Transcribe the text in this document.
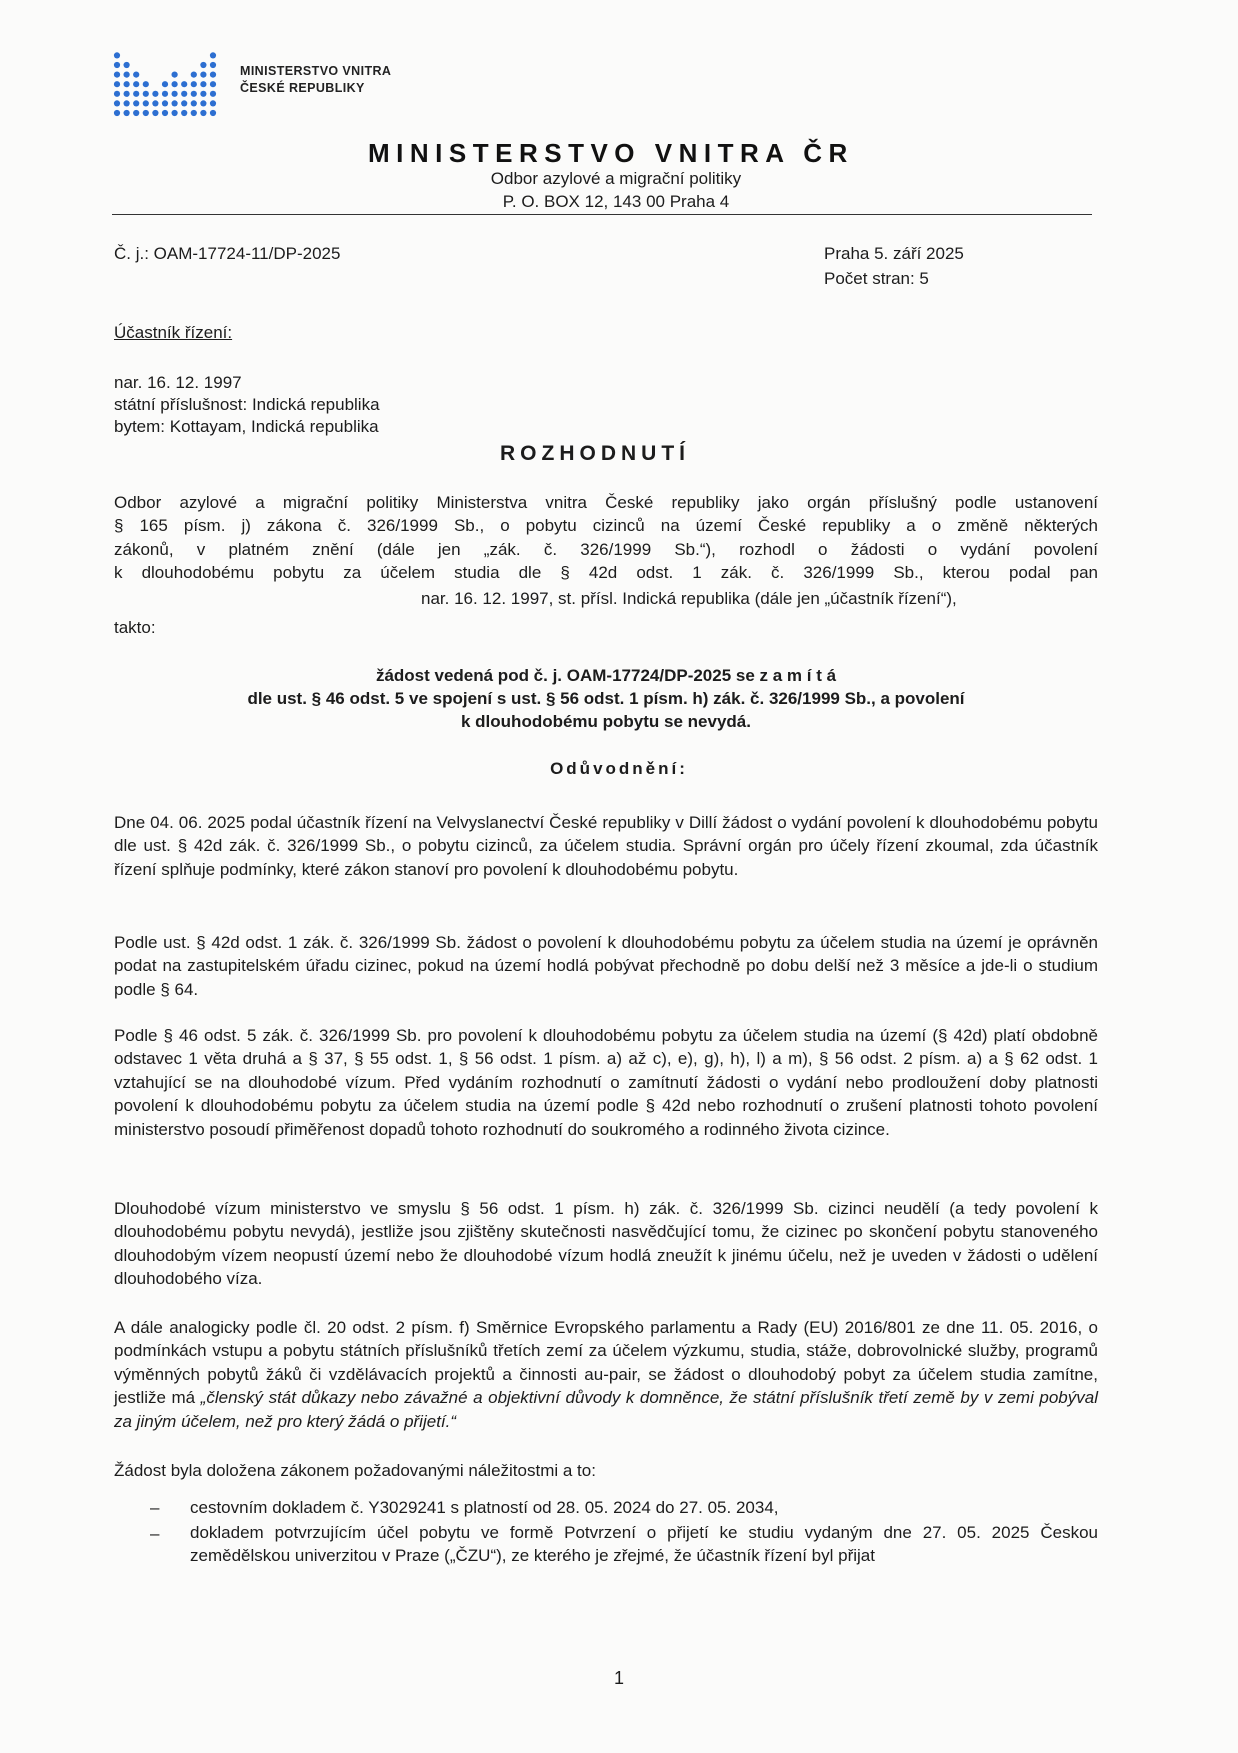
MINISTERSTVO VNITRA
ČESKÉ REPUBLIKY
MINISTERSTVO VNITRA ČR
Odbor azylové a migrační politiky
P. O. BOX 12, 143 00 Praha 4
Č. j.: OAM-17724-11/DP-2025	Praha 5. září 2025
Počet stran: 5
Účastník řízení:
nar. 16. 12. 1997
státní příslušnost: Indická republika
bytem: Kottayam, Indická republika
ROZHODNUTÍ
Odbor azylové a migrační politiky Ministerstva vnitra České republiky jako orgán příslušný podle ustanovení
§ 165 písm. j) zákona č. 326/1999 Sb., o pobytu cizinců na území České republiky a o změně některých
zákonů, v platném znění (dále jen „zák. č. 326/1999 Sb.“), rozhodl o žádosti o vydání povolení
k dlouhodobému pobytu za účelem studia dle § 42d odst. 1 zák. č. 326/1999 Sb., kterou podal pan
nar. 16. 12. 1997, st. přísl. Indická republika (dále jen „účastník řízení“),
takto:
žádost vedená pod č. j. OAM-17724/DP-2025 se z a m í t á
dle ust. § 46 odst. 5 ve spojení s ust. § 56 odst. 1 písm. h) zák. č. 326/1999 Sb., a povolení
k dlouhodobému pobytu se nevydá.
Odůvodnění:
Dne 04. 06. 2025 podal účastník řízení na Velvyslanectví České republiky v Dillí žádost o vydání povolení k dlouhodobému pobytu dle ust. § 42d zák. č. 326/1999 Sb., o pobytu cizinců, za účelem studia. Správní orgán pro účely řízení zkoumal, zda účastník řízení splňuje podmínky, které zákon stanoví pro povolení k dlouhodobému pobytu.
Podle ust. § 42d odst. 1 zák. č. 326/1999 Sb. žádost o povolení k dlouhodobému pobytu za účelem studia na území je oprávněn podat na zastupitelském úřadu cizinec, pokud na území hodlá pobývat přechodně po dobu delší než 3 měsíce a jde-li o studium podle § 64.
Podle § 46 odst. 5 zák. č. 326/1999 Sb. pro povolení k dlouhodobému pobytu za účelem studia na území (§ 42d) platí obdobně odstavec 1 věta druhá a § 37, § 55 odst. 1, § 56 odst. 1 písm. a) až c), e), g), h), l) a m), § 56 odst. 2 písm. a) a § 62 odst. 1 vztahující se na dlouhodobé vízum. Před vydáním rozhodnutí o zamítnutí žádosti o vydání nebo prodloužení doby platnosti povolení k dlouhodobému pobytu za účelem studia na území podle § 42d nebo rozhodnutí o zrušení platnosti tohoto povolení ministerstvo posoudí přiměřenost dopadů tohoto rozhodnutí do soukromého a rodinného života cizince.
Dlouhodobé vízum ministerstvo ve smyslu § 56 odst. 1 písm. h) zák. č. 326/1999 Sb. cizinci neudělí (a tedy povolení k dlouhodobému pobytu nevydá), jestliže jsou zjištěny skutečnosti nasvědčující tomu, že cizinec po skončení pobytu stanoveného dlouhodobým vízem neopustí území nebo že dlouhodobé vízum hodlá zneužít k jinému účelu, než je uveden v žádosti o udělení dlouhodobého víza.
A dále analogicky podle čl. 20 odst. 2 písm. f) Směrnice Evropského parlamentu a Rady (EU) 2016/801 ze dne 11. 05. 2016, o podmínkách vstupu a pobytu státních příslušníků třetích zemí za účelem výzkumu, studia, stáže, dobrovolnické služby, programů výměnných pobytů žáků či vzdělávacích projektů a činnosti au-pair, se žádost o dlouhodobý pobyt za účelem studia zamítne, jestliže má „členský stát důkazy nebo závažné a objektivní důvody k domněnce, že státní příslušník třetí země by v zemi pobýval za jiným účelem, než pro který žádá o přijetí.“
Žádost byla doložena zákonem požadovanými náležitostmi a to:
– cestovním dokladem č. Y3029241 s platností od 28. 05. 2024 do 27. 05. 2034,
– dokladem potvrzujícím účel pobytu ve formě Potvrzení o přijetí ke studiu vydaným dne 27. 05. 2025 Českou zemědělskou univerzitou v Praze („ČZU“), ze kterého je zřejmé, že účastník řízení byl přijat
1
